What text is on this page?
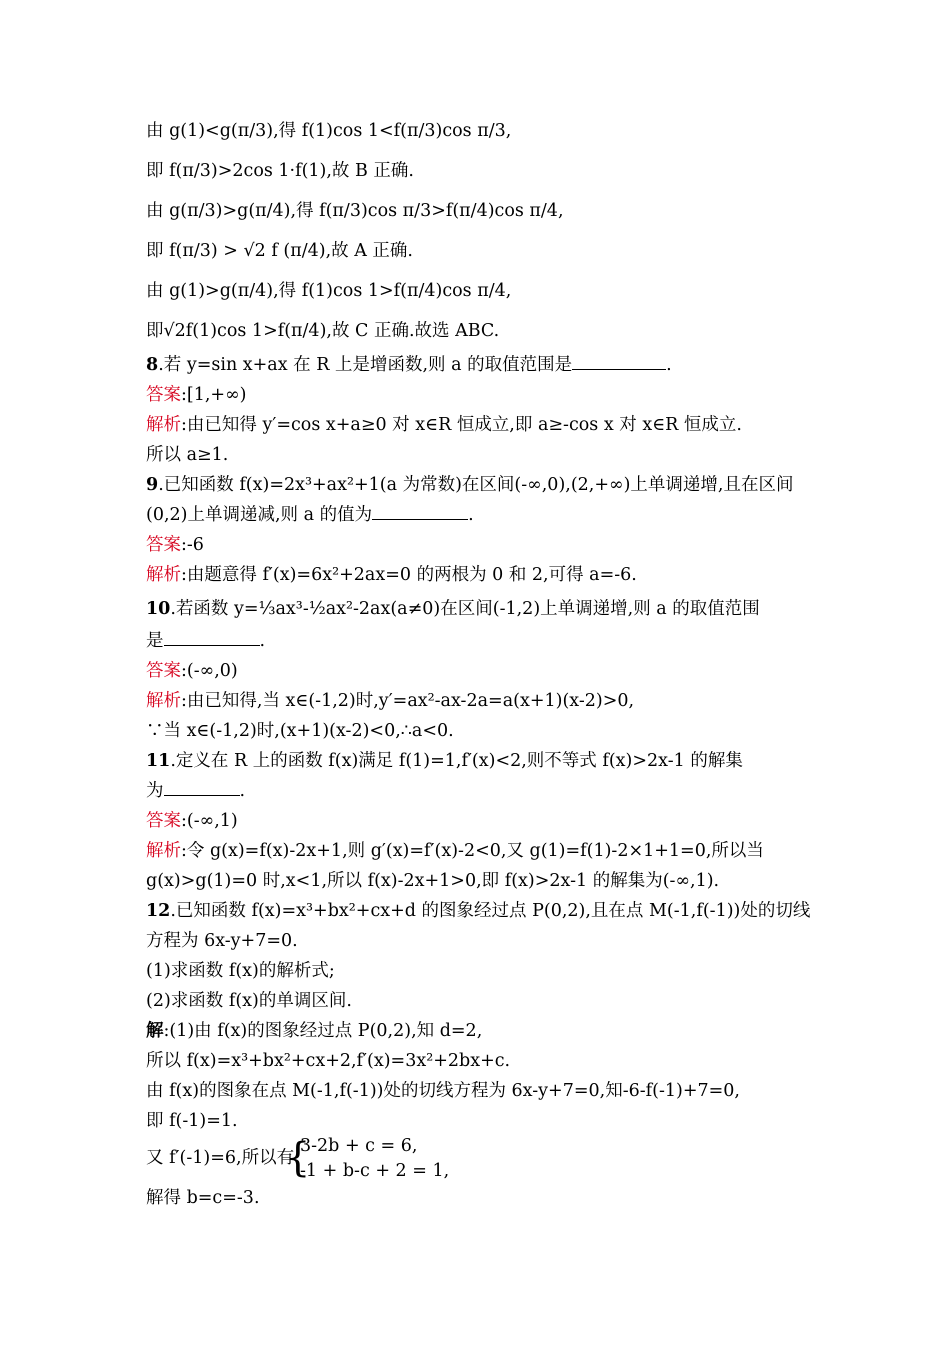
由 g(1)<g(π/3),得 f(1)cos 1<f(π/3)cos π/3,
即 f(π/3)>2cos 1·f(1),故 B 正确.
由 g(π/3)>g(π/4),得 f(π/3)cos π/3>f(π/4)cos π/4,
即 f(π/3) > √2 f (π/4),故 A 正确.
由 g(1)>g(π/4),得 f(1)cos 1>f(π/4)cos π/4,
即√2f(1)cos 1>f(π/4),故 C 正确.故选 ABC.
8.若 y=sin x+ax 在 R 上是增函数,则 a 的取值范围是	.
答案:[1,+∞)
解析:由已知得 y′=cos x+a≥0 对 x∈R 恒成立,即 a≥-cos x 对 x∈R 恒成立.
所以 a≥1.
9.已知函数 f(x)=2x³+ax²+1(a 为常数)在区间(-∞,0),(2,+∞)上单调递增,且在区间
(0,2)上单调递减,则 a 的值为	.
答案:-6
解析:由题意得 f′(x)=6x²+2ax=0 的两根为 0 和 2,可得 a=-6.
10.若函数 y=⅓ax³-½ax²-2ax(a≠0)在区间(-1,2)上单调递增,则 a 的取值范围
是	.
答案:(-∞,0)
解析:由已知得,当 x∈(-1,2)时,y′=ax²-ax-2a=a(x+1)(x-2)>0,
∵当 x∈(-1,2)时,(x+1)(x-2)<0,∴a<0.
11.定义在 R 上的函数 f(x)满足 f(1)=1,f′(x)<2,则不等式 f(x)>2x-1 的解集
为	.
答案:(-∞,1)
解析:令 g(x)=f(x)-2x+1,则 g′(x)=f′(x)-2<0,又 g(1)=f(1)-2×1+1=0,所以当
g(x)>g(1)=0 时,x<1,所以 f(x)-2x+1>0,即 f(x)>2x-1 的解集为(-∞,1).
12.已知函数 f(x)=x³+bx²+cx+d 的图象经过点 P(0,2),且在点 M(-1,f(-1))处的切线
方程为 6x-y+7=0.
(1)求函数 f(x)的解析式;
(2)求函数 f(x)的单调区间.
解:(1)由 f(x)的图象经过点 P(0,2),知 d=2,
所以 f(x)=x³+bx²+cx+2,f′(x)=3x²+2bx+c.
由 f(x)的图象在点 M(-1,f(-1))处的切线方程为 6x-y+7=0,知-6-f(-1)+7=0,
即 f(-1)=1.
又 f′(-1)=6,所以有
{
3-2b + c = 6,
-1 + b-c + 2 = 1,
解得 b=c=-3.
